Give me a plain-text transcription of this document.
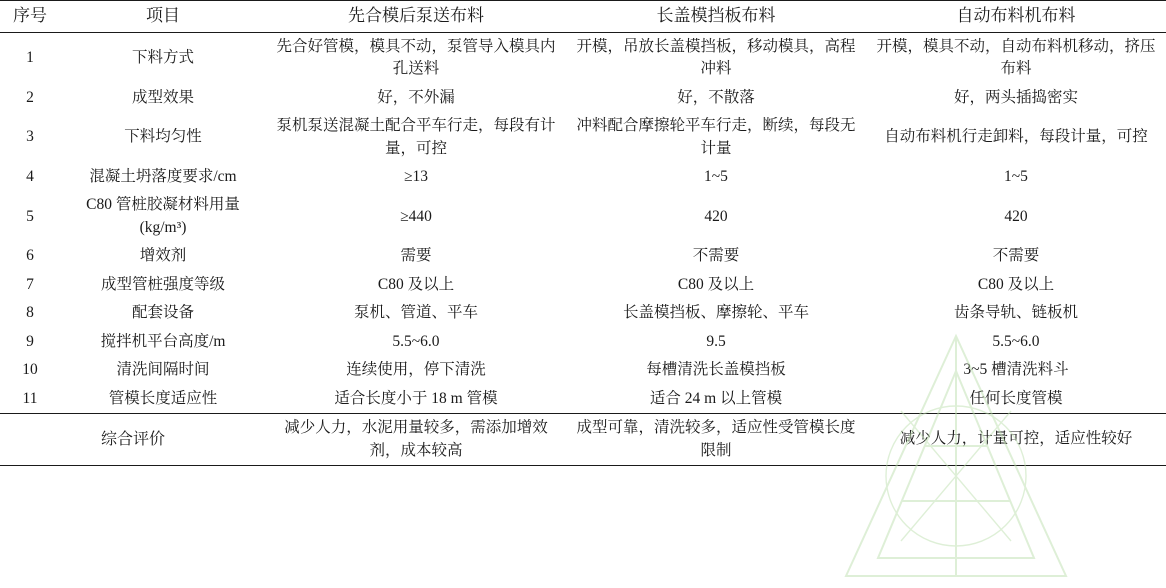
序号	项目	先合模后泵送布料	长盖模挡板布料	自动布料机布料
1	下料方式	先合好管模，模具不动，泵管导入模具内孔送料	开模，吊放长盖模挡板，移动模具，高程冲料	开模，模具不动，自动布料机移动，挤压布料
2	成型效果	好，不外漏	好，不散落	好，两头插捣密实
3	下料均匀性	泵机泵送混凝土配合平车行走，每段有计量，可控	冲料配合摩擦轮平车行走，断续，每段无计量	自动布料机行走卸料，每段计量，可控
4	混凝土坍落度要求/cm	≥13	1~5	1~5
5	C80 管桩胶凝材料用量(kg/m³)	≥440	420	420
6	增效剂	需要	不需要	不需要
7	成型管桩强度等级	C80 及以上	C80 及以上	C80 及以上
8	配套设备	泵机、管道、平车	长盖模挡板、摩擦轮、平车	齿条导轨、链板机
9	搅拌机平台高度/m	5.5~6.0	9.5	5.5~6.0
10	清洗间隔时间	连续使用，停下清洗	每槽清洗长盖模挡板	3~5 槽清洗料斗
11	管模长度适应性	适合长度小于 18 m 管模	适合 24 m 以上管模	任何长度管模
综合评价		减少人力，水泥用量较多，需添加增效剂，成本较高	成型可靠，清洗较多，适应性受管模长度限制	减少人力，计量可控，适应性较好
